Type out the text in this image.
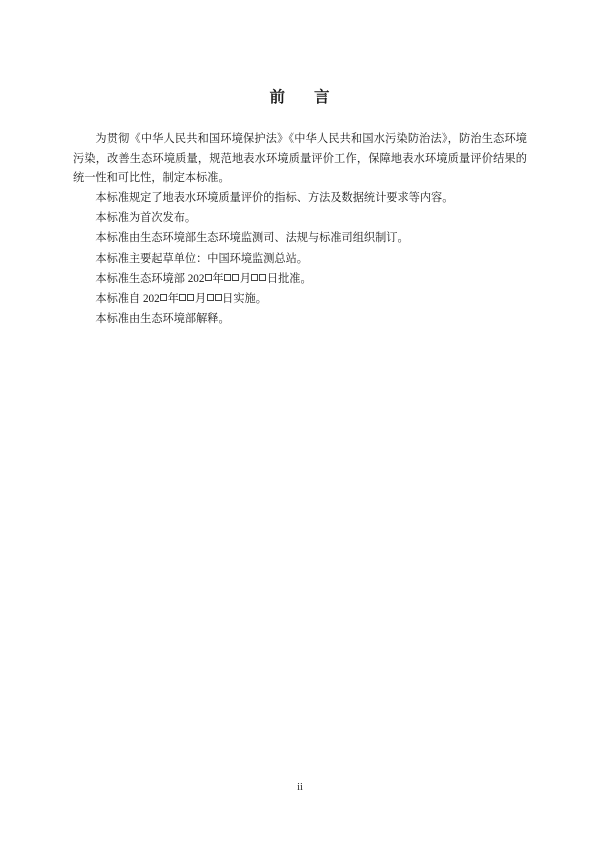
前 言

为贯彻《中华人民共和国环境保护法》《中华人民共和国水污染防治法》，防治生态环境污染，改善生态环境质量，规范地表水环境质量评价工作，保障地表水环境质量评价结果的统一性和可比性，制定本标准。

本标准规定了地表水环境质量评价的指标、方法及数据统计要求等内容。

本标准为首次发布。

本标准由生态环境部生态环境监测司、法规与标准司组织制订。

本标准主要起草单位：中国环境监测总站。

本标准生态环境部 202 年 月 日批准。

本标准自 202 年 月 日实施。

本标准由生态环境部解释。

ii
